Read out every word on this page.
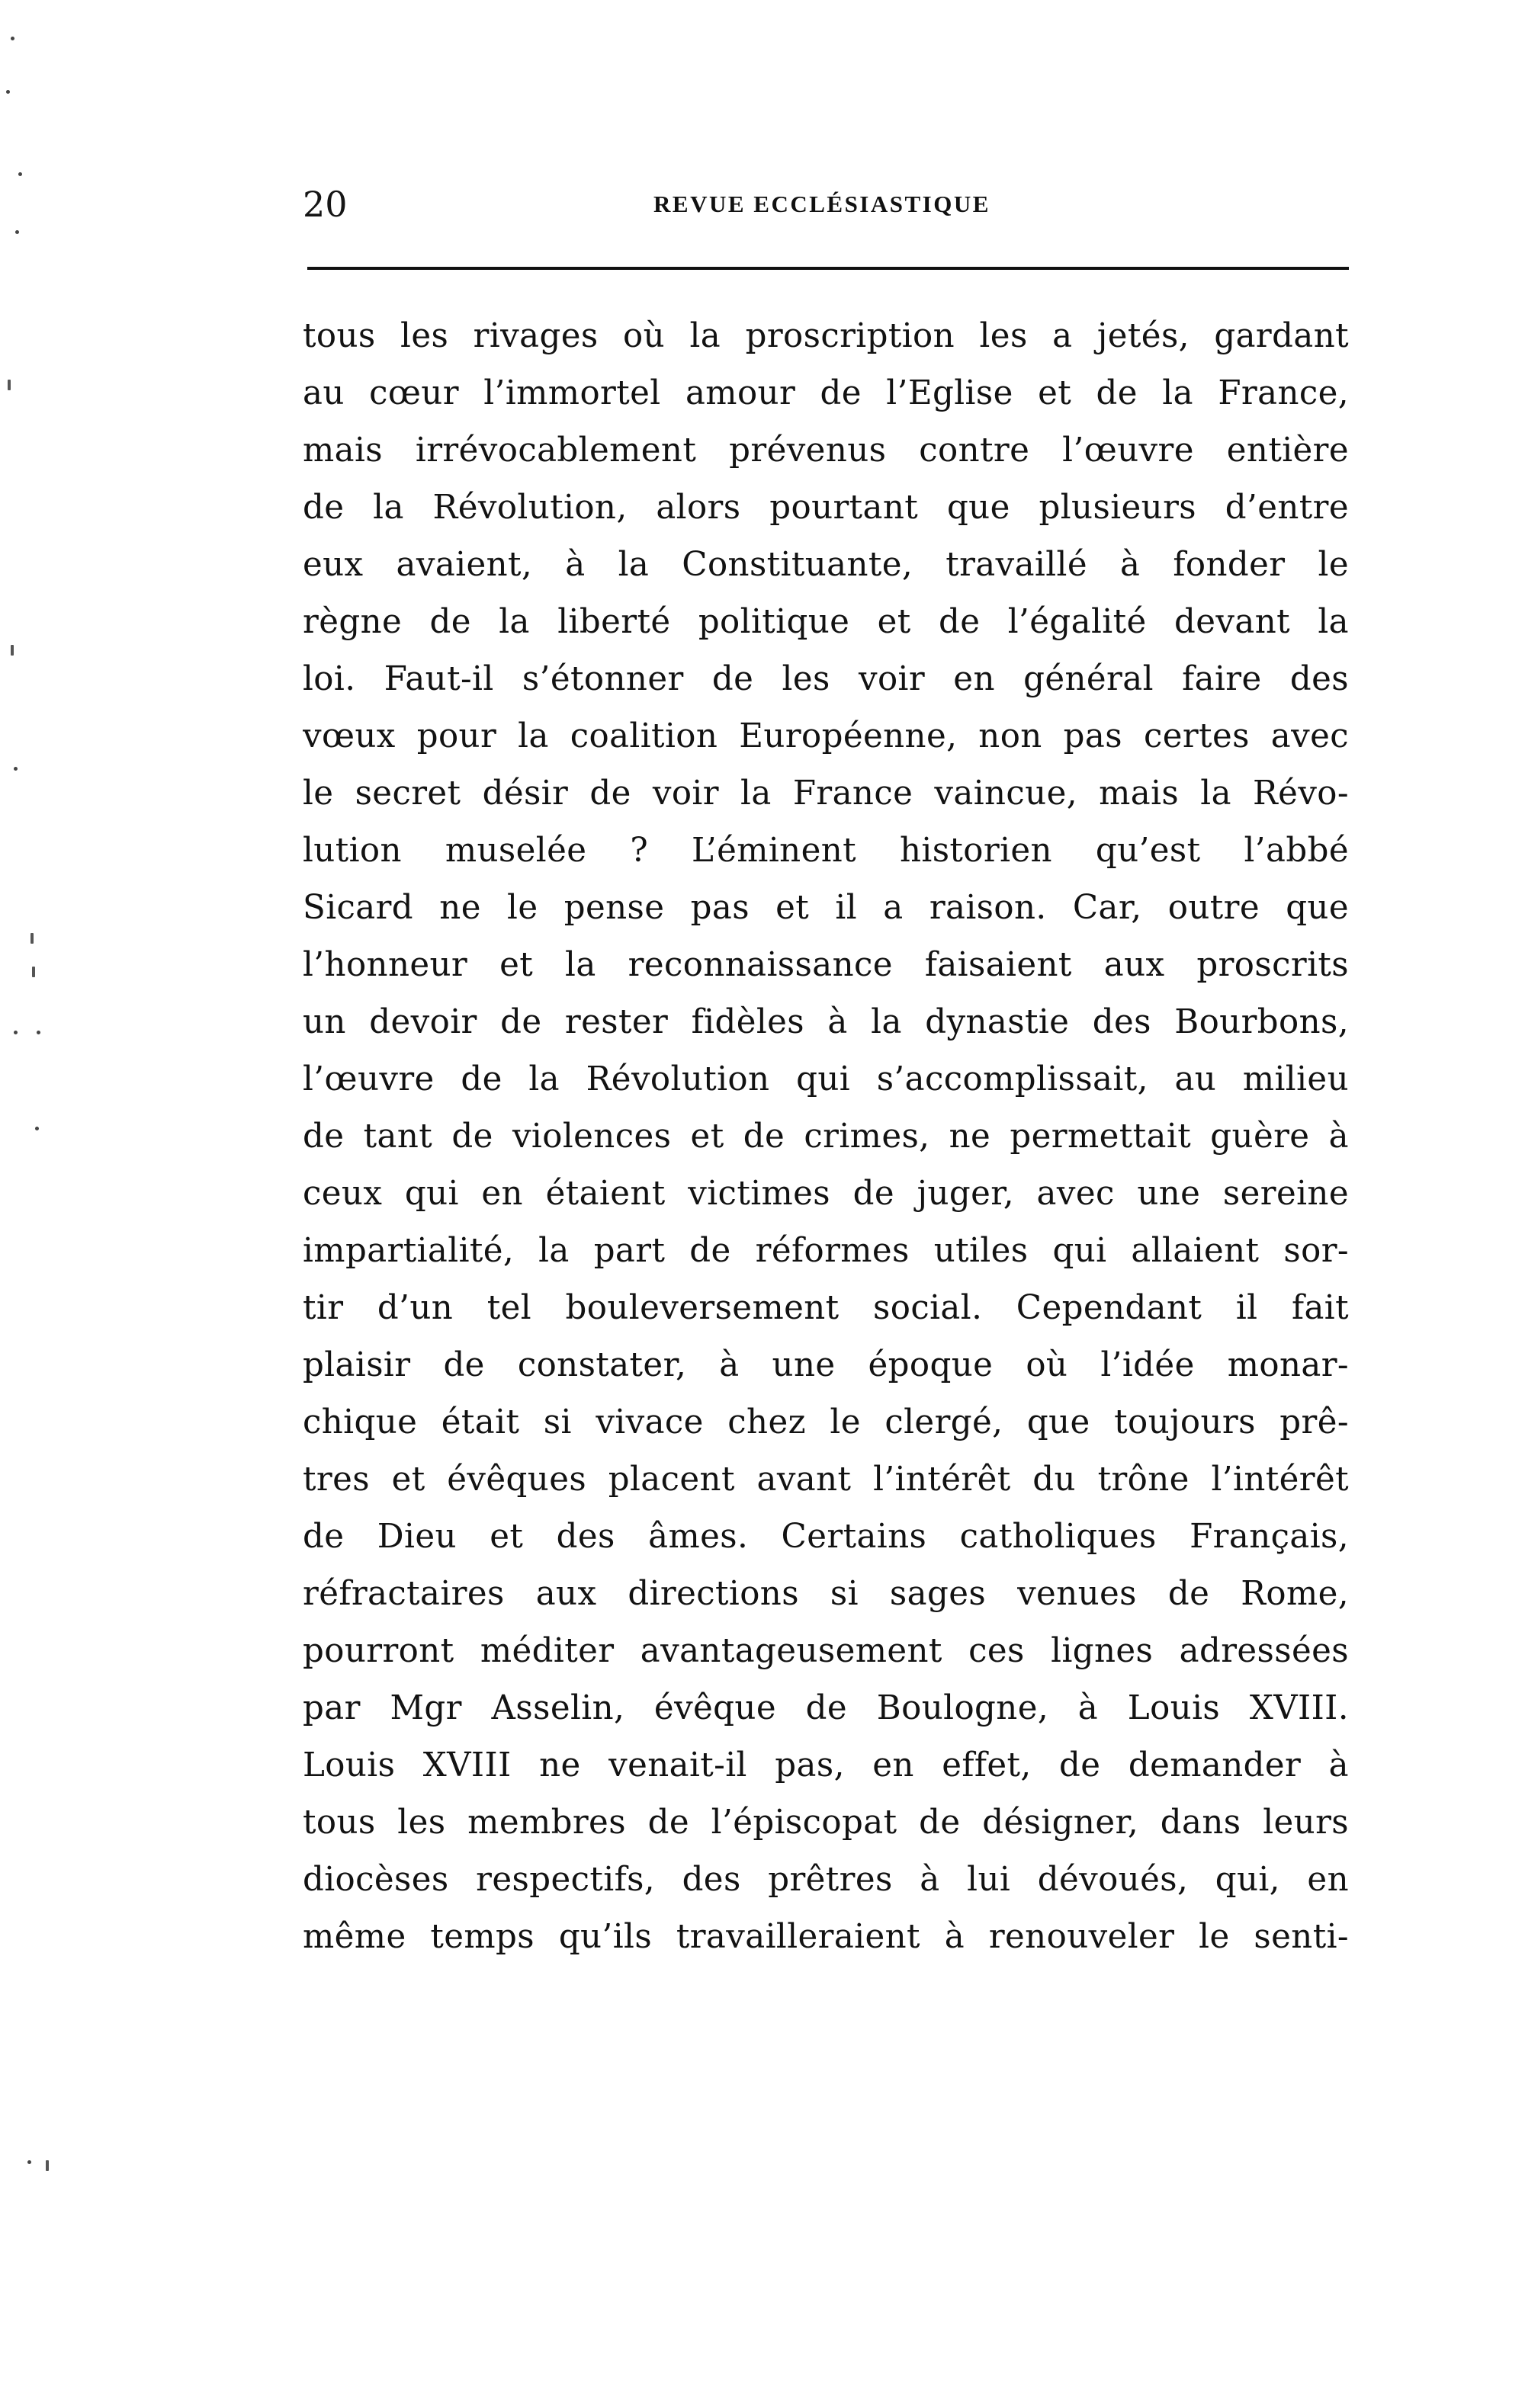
20	REVUE ECCLÉSIASTIQUE
tous les rivages où la proscription les a jetés, gardant
au cœur l’immortel amour de l’Eglise et de la France,
mais irrévocablement prévenus contre l’œuvre entière
de la Révolution, alors pourtant que plusieurs d’entre
eux avaient, à la Constituante, travaillé à fonder le
règne de la liberté politique et de l’égalité devant la
loi. Faut-il s’étonner de les voir en général faire des
vœux pour la coalition Européenne, non pas certes avec
le secret désir de voir la France vaincue, mais la Révo-
lution muselée ? L’éminent historien qu’est l’abbé
Sicard ne le pense pas et il a raison. Car, outre que
l’honneur et la reconnaissance faisaient aux proscrits
un devoir de rester fidèles à la dynastie des Bourbons,
l’œuvre de la Révolution qui s’accomplissait, au milieu
de tant de violences et de crimes, ne permettait guère à
ceux qui en étaient victimes de juger, avec une sereine
impartialité, la part de réformes utiles qui allaient sor-
tir d’un tel bouleversement social. Cependant il fait
plaisir de constater, à une époque où l’idée monar-
chique était si vivace chez le clergé, que toujours prê-
tres et évêques placent avant l’intérêt du trône l’intérêt
de Dieu et des âmes. Certains catholiques Français,
réfractaires aux directions si sages venues de Rome,
pourront méditer avantageusement ces lignes adressées
par Mgr Asselin, évêque de Boulogne, à Louis XVIII.
Louis XVIII ne venait-il pas, en effet, de demander à
tous les membres de l’épiscopat de désigner, dans leurs
diocèses respectifs, des prêtres à lui dévoués, qui, en
même temps qu’ils travailleraient à renouveler le senti-
